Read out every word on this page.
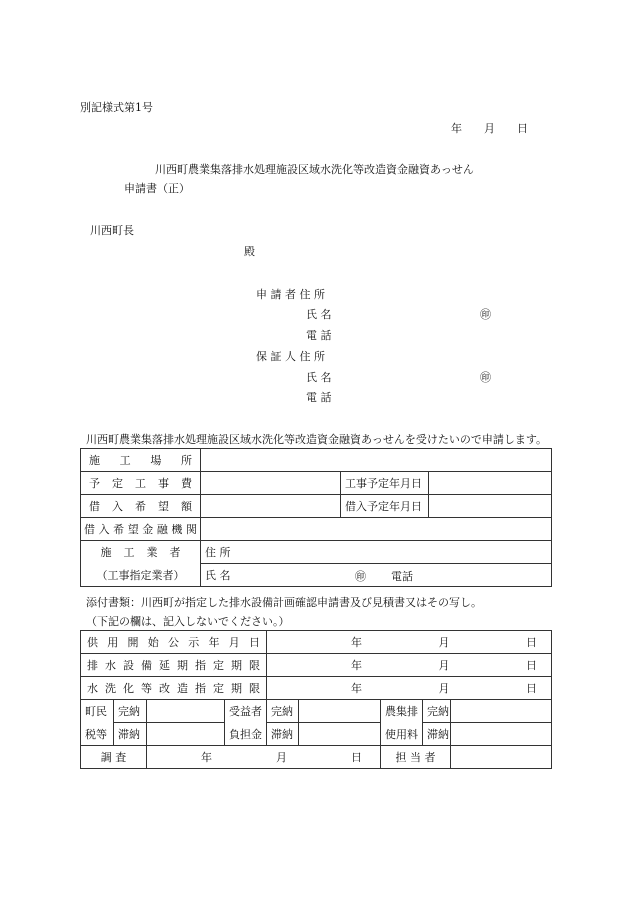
別記様式第1号
年 月 日
川西町農業集落排水処理施設区域水洗化等改造資金融資あっせん
申請書（正）
川西町長
殿
申 請 者 住 所
氏 名	㊞
電 話
保 証 人 住 所
氏 名	㊞
電 話
川西町農業集落排水処理施設区域水洗化等改造資金融資あっせんを受けたいので申請します。
施工場所			
予定工事費		工事予定年月日	
借入希望額		借入予定年月日	
借入希望金融機関			
施工業者	住 所		
（工事指定業者）	氏 名 ㊞ 電話		
添付書類：川西町が指定した排水設備計画確認申請書及び見積書又はその写し。
（下記の欄は、記入しないでください。）
供用開始公示年月日				年 月 日				

排水設備延期指定期限				年 月 日				

水洗化等改造指定期限				年 月 日				

町民	完納		受益者	完納		農集排	完納	
税等	滞納		負担金	滞納		使用料	滞納	
調 査		年 月 日				担 当 者		
